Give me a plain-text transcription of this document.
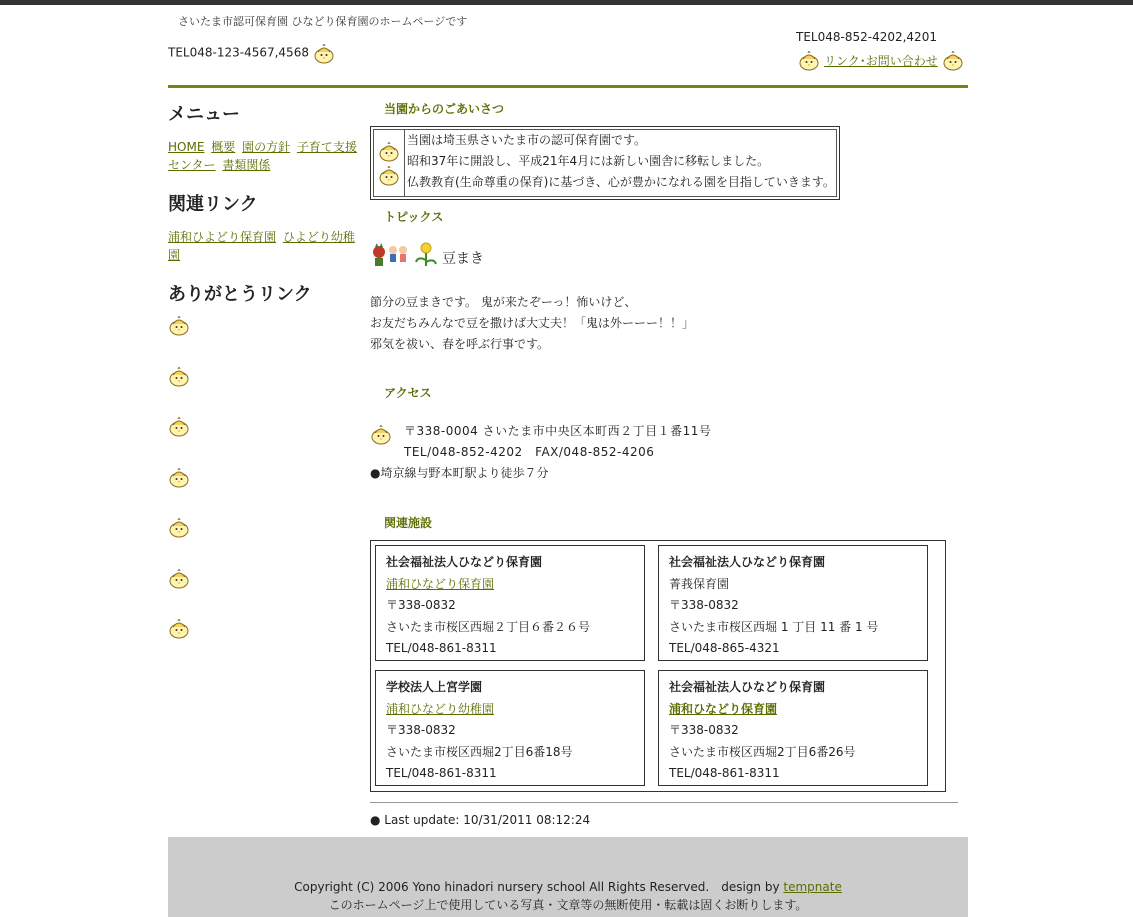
さいたま市認可保育園 ひなどり保育園のホームページです
TEL048-123-4567,4568
TEL048-852-4202,4201
リンク･お問い合わせ
メニュー
HOME 概要 園の方針 子育て支援センター 書類関係
関連リンク
浦和ひよどり保育園 ひよどり幼稚園
ありがとうリンク
当園からのごあいさつ
当園は埼玉県さいたま市の認可保育園です。
昭和37年に開設し、平成21年4月には新しい園舎に移転しました。
仏教教育(生命尊重の保育)に基づき、心が豊かになれる園を目指していきます。
トピックス
豆まき
節分の豆まきです。 鬼が来たぞーっ！怖いけど、
お友だちみんなで豆を撒けば大丈夫！「鬼は外ーーー！！」
邪気を祓い、春を呼ぶ行事です。
アクセス
〒338-0004 さいたま市中央区本町西２丁目１番11号
TEL/048-852-4202　FAX/048-852-4206
●埼京線与野本町駅より徒歩７分
関連施設
社会福祉法人ひなどり保育園
浦和ひなどり保育園
〒338-0832
さいたま市桜区西堀２丁目６番２６号
TEL/048-861-8311
社会福祉法人ひなどり保育園
菁莪保育園
〒338-0832
さいたま市桜区西堀 1 丁目 11 番 1 号
TEL/048-865-4321
学校法人上宮学園
浦和ひなどり幼稚園
〒338-0832
さいたま市桜区西堀2丁目6番18号
TEL/048-861-8311
社会福祉法人ひなどり保育園
浦和ひなどり保育園
〒338-0832
さいたま市桜区西堀2丁目6番26号
TEL/048-861-8311
● Last update: 10/31/2011 08:12:24
Copyright (C) 2006 Yono hinadori nursery school All Rights Reserved.　design by tempnate
このホームページ上で使用している写真・文章等の無断使用・転載は固くお断りします。
